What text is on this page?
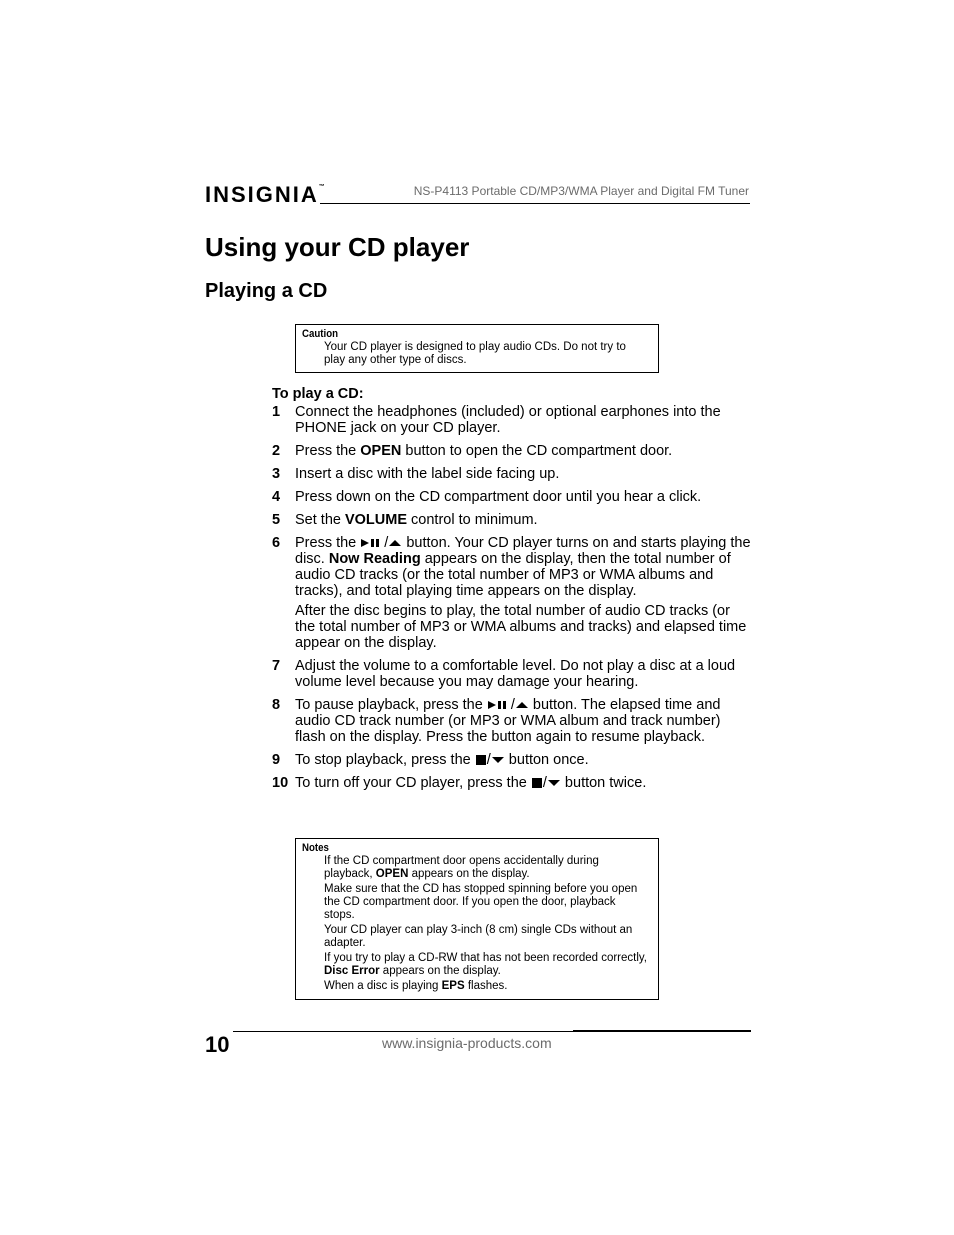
INSIGNIA™	NS-P4113 Portable CD/MP3/WMA Player and Digital FM Tuner
Using your CD player
Playing a CD
Caution
Your CD player is designed to play audio CDs. Do not try to play any other type of discs.
To play a CD:
1	Connect the headphones (included) or optional earphones into the PHONE jack on your CD player.

2	Press the OPEN button to open the CD compartment door.

3	Insert a disc with the label side facing up.

4	Press down on the CD compartment door until you hear a click.

5	Set the VOLUME control to minimum.

6	Press the / button. Your CD player turns on and starts playing the disc. Now Reading appears on the display, then the total number of audio CD tracks (or the total number of MP3 or WMA albums and tracks), and total playing time appears on the display.

After the disc begins to play, the total number of audio CD tracks (or the total number of MP3 or WMA albums and tracks) and elapsed time appear on the display.

7	Adjust the volume to a comfortable level. Do not play a disc at a loud volume level because you may damage your hearing.

8	To pause playback, press the / button. The elapsed time and audio CD track number (or MP3 or WMA album and track number) flash on the display. Press the button again to resume playback.

9	To stop playback, press the / button once.

10 To turn off your CD player, press the / button twice.

Notes
If the CD compartment door opens accidentally during playback, OPEN appears on the display.
Make sure that the CD has stopped spinning before you open the CD compartment door. If you open the door, playback stops.
Your CD player can play 3-inch (8 cm) single CDs without an adapter.
If you try to play a CD-RW that has not been recorded correctly, Disc Error appears on the display.
When a disc is playing EPS flashes.
10	www.insignia-products.com
